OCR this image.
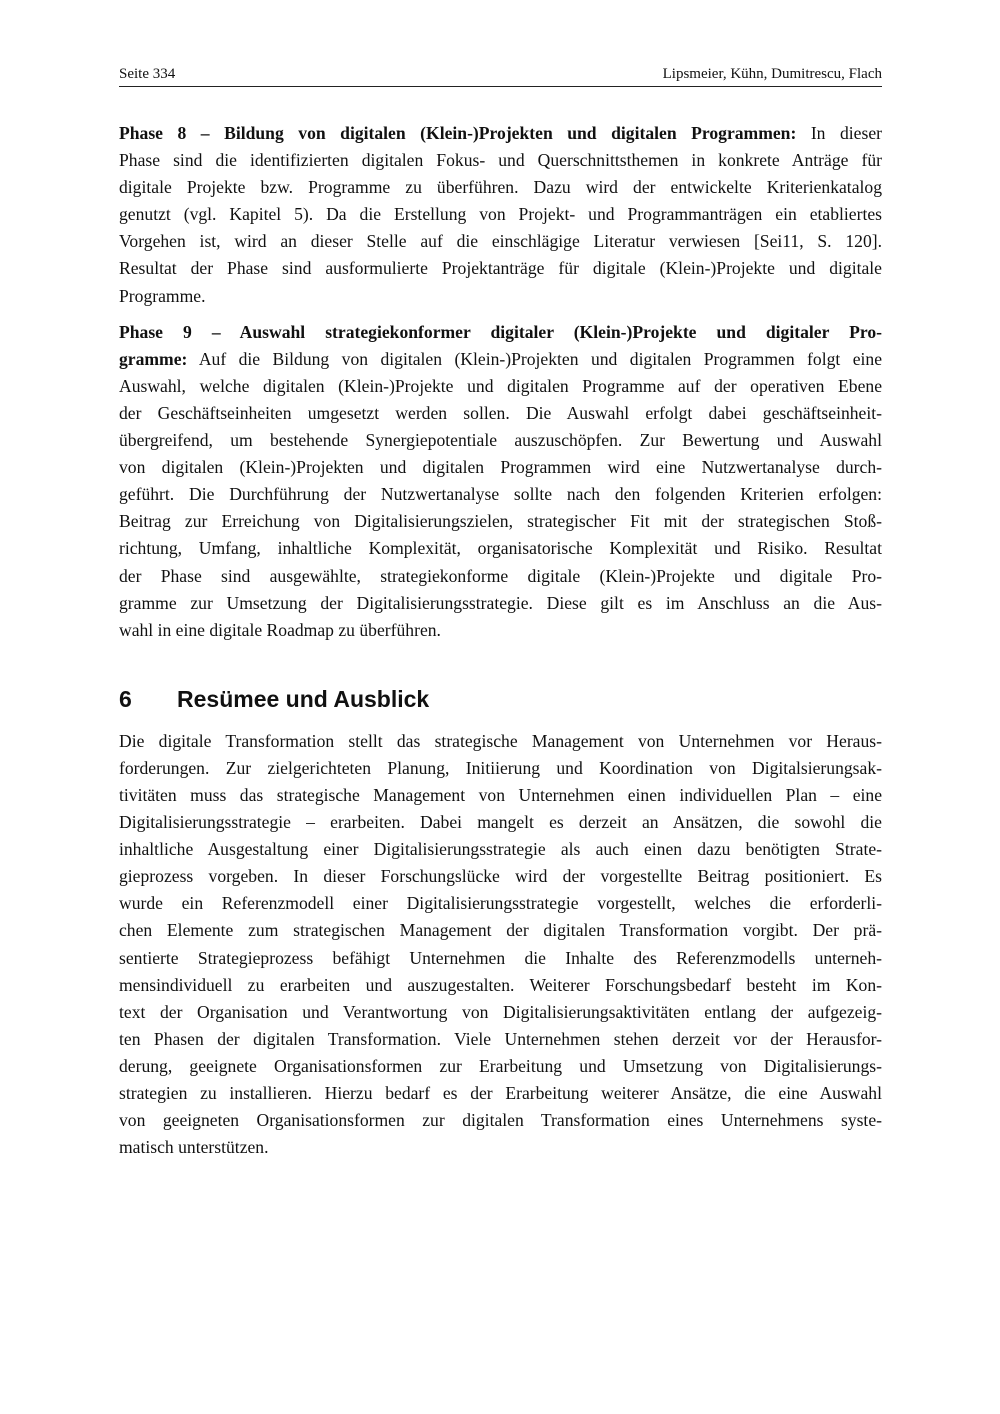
Seite 334	Lipsmeier, Kühn, Dumitrescu, Flach

Phase 8 – Bildung von digitalen (Klein-)Projekten und digitalen Programmen: In dieser
Phase sind die identifizierten digitalen Fokus- und Querschnittsthemen in konkrete Anträge für
digitale Projekte bzw. Programme zu überführen. Dazu wird der entwickelte Kriterienkatalog
genutzt (vgl. Kapitel 5). Da die Erstellung von Projekt- und Programmanträgen ein etabliertes
Vorgehen ist, wird an dieser Stelle auf die einschlägige Literatur verwiesen [Sei11, S. 120].
Resultat der Phase sind ausformulierte Projektanträge für digitale (Klein-)Projekte und digitale
Programme.

Phase 9 – Auswahl strategiekonformer digitaler (Klein-)Projekte und digitaler Pro-
gramme: Auf die Bildung von digitalen (Klein-)Projekten und digitalen Programmen folgt eine
Auswahl, welche digitalen (Klein-)Projekte und digitalen Programme auf der operativen Ebene
der Geschäftseinheiten umgesetzt werden sollen. Die Auswahl erfolgt dabei geschäftseinheit-
übergreifend, um bestehende Synergiepotentiale auszuschöpfen. Zur Bewertung und Auswahl
von digitalen (Klein-)Projekten und digitalen Programmen wird eine Nutzwertanalyse durch-
geführt. Die Durchführung der Nutzwertanalyse sollte nach den folgenden Kriterien erfolgen:
Beitrag zur Erreichung von Digitalisierungszielen, strategischer Fit mit der strategischen Stoß-
richtung, Umfang, inhaltliche Komplexität, organisatorische Komplexität und Risiko. Resultat
der Phase sind ausgewählte, strategiekonforme digitale (Klein-)Projekte und digitale Pro-
gramme zur Umsetzung der Digitalisierungsstrategie. Diese gilt es im Anschluss an die Aus-
wahl in eine digitale Roadmap zu überführen.

6	Resümee und Ausblick

Die digitale Transformation stellt das strategische Management von Unternehmen vor Heraus-
forderungen. Zur zielgerichteten Planung, Initiierung und Koordination von Digitalsierungsak-
tivitäten muss das strategische Management von Unternehmen einen individuellen Plan – eine
Digitalisierungsstrategie – erarbeiten. Dabei mangelt es derzeit an Ansätzen, die sowohl die
inhaltliche Ausgestaltung einer Digitalisierungsstrategie als auch einen dazu benötigten Strate-
gieprozess vorgeben. In dieser Forschungslücke wird der vorgestellte Beitrag positioniert. Es
wurde ein Referenzmodell einer Digitalisierungsstrategie vorgestellt, welches die erforderli-
chen Elemente zum strategischen Management der digitalen Transformation vorgibt. Der prä-
sentierte Strategieprozess befähigt Unternehmen die Inhalte des Referenzmodells unterneh-
mensindividuell zu erarbeiten und auszugestalten. Weiterer Forschungsbedarf besteht im Kon-
text der Organisation und Verantwortung von Digitalisierungsaktivitäten entlang der aufgezeig-
ten Phasen der digitalen Transformation. Viele Unternehmen stehen derzeit vor der Herausfor-
derung, geeignete Organisationsformen zur Erarbeitung und Umsetzung von Digitalisierungs-
strategien zu installieren. Hierzu bedarf es der Erarbeitung weiterer Ansätze, die eine Auswahl
von geeigneten Organisationsformen zur digitalen Transformation eines Unternehmens syste-
matisch unterstützen.
